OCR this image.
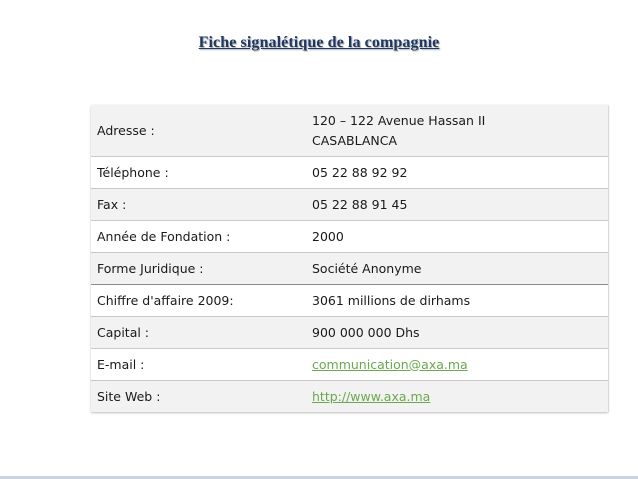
Fiche signalétique de la compagnie
Adresse :	120 – 122 Avenue Hassan II
CASABLANCA
Téléphone :	05 22 88 92 92
Fax :	05 22 88 91 45
Année de Fondation :	2000
Forme Juridique :	Société Anonyme
Chiffre d'affaire 2009:	3061 millions de dirhams
Capital :	900 000 000 Dhs
E-mail :	communication@axa.ma
Site Web :	http://www.axa.ma
